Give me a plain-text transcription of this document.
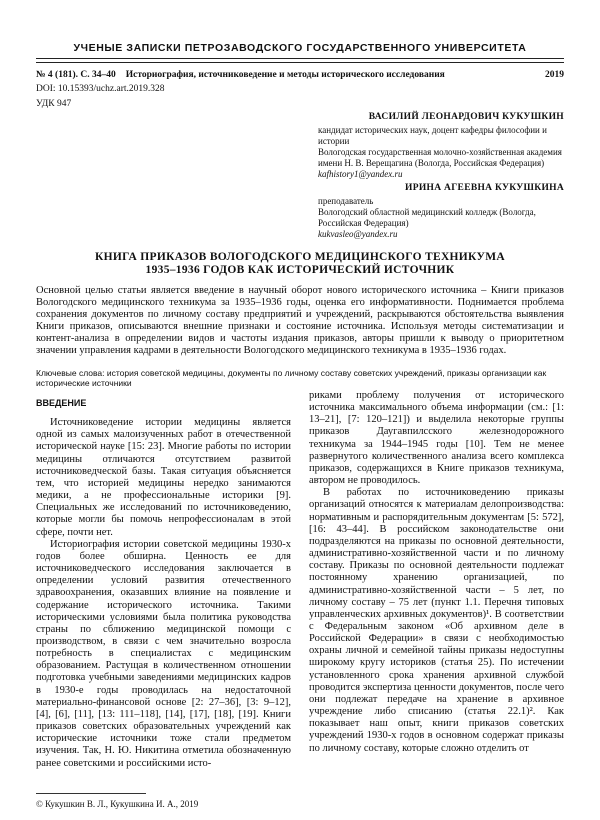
УЧЕНЫЕ ЗАПИСКИ ПЕТРОЗАВОДСКОГО ГОСУДАРСТВЕННОГО УНИВЕРСИТЕТА
№ 4 (181). С. 34–40	Историография, источниковедение и методы исторического исследования	2019
DOI: 10.15393/uchz.art.2019.328
УДК 947
ВАСИЛИЙ ЛЕОНАРДОВИЧ КУКУШКИН
кандидат исторических наук, доцент кафедры философии и истории
Вологодская государственная молочно-хозяйственная академия имени Н. В. Верещагина (Вологда, Российская Федерация)
kafhistory1@yandex.ru
ИРИНА АГЕЕВНА КУКУШКИНА
преподаватель
Вологодский областной медицинский колледж (Вологда, Российская Федерация)
kukvasleo@yandex.ru
КНИГА ПРИКАЗОВ ВОЛОГОДСКОГО МЕДИЦИНСКОГО ТЕХНИКУМА
1935–1936 ГОДОВ КАК ИСТОРИЧЕСКИЙ ИСТОЧНИК
Основной целью статьи является введение в научный оборот нового исторического источника – Книги приказов Вологодского медицинского техникума за 1935–1936 годы, оценка его информативности. Поднимается проблема сохранения документов по личному составу предприятий и учреждений, раскрываются обстоятельства выявления Книги приказов, описываются внешние признаки и состояние источника. Используя методы систематизации и контент-анализа в определении видов и частоты издания приказов, авторы пришли к выводу о приоритетном значении управления кадрами в деятельности Вологодского медицинского техникума в 1935–1936 годах.
Ключевые слова: история советской медицины, документы по личному составу советских учреждений, приказы организации как исторические источники
ВВЕДЕНИЕ

Источниковедение истории медицины является одной из самых малоизученных работ в отечественной исторической науке [15: 23]. Многие работы по истории медицины отличаются отсутствием развитой источниковедческой базы. Такая ситуация объясняется тем, что историей медицины нередко занимаются медики, а не профессиональные историки [9]. Специальных же исследований по источниковедению, которые могли бы помочь непрофессионалам в этой сфере, почти нет.

Историография истории советской медицины 1930-х годов более обширна. Ценность ее для источниковедческого исследования заключается в определении условий развития отечественного здравоохранения, оказавших влияние на появление и содержание исторического источника. Такими историческими условиями была политика руководства страны по сближению медицинской помощи с производством, в связи с чем значительно возросла потребность в специалистах с медицинским образованием. Растущая в количественном отношении подготовка учебными заведениями медицинских кадров в 1930-е годы проводилась на недостаточной материально-финансовой основе [2: 27–36], [3: 9–12], [4], [6], [11], [13: 111–118], [14], [17], [18], [19]. Книги приказов советских образовательных учреждений как исторические источники тоже стали предметом изучения. Так, Н. Ю. Никитина отметила обозначенную ранее советскими и российскими исто-

риками проблему получения от исторического источника максимального объема информации (см.: [1: 13–21], [7: 120–121]) и выделила некоторые группы приказов Даугавпилсского железнодорожного техникума за 1944–1945 годы [10]. Тем не менее развернутого количественного анализа всего комплекса приказов, содержащихся в Книге приказов техникума, автором не проводилось.

В работах по источниковедению приказы организаций относятся к материалам делопроизводства: нормативным и распорядительным документам [5: 572], [16: 43–44]. В российском законодательстве они подразделяются на приказы по основной деятельности, административно-хозяйственной части и по личному составу. Приказы по основной деятельности подлежат постоянному хранению организацией, по административно-хозяйственной части – 5 лет, по личному составу – 75 лет (пункт 1.1. Перечня типовых управленческих архивных документов)¹. В соответствии с Федеральным законом «Об архивном деле в Российской Федерации» в связи с необходимостью охраны личной и семейной тайны приказы недоступны широкому кругу историков (статья 25). По истечении установленного срока хранения архивной службой проводится экспертиза ценности документов, после чего они подлежат передаче на хранение в архивное учреждение либо списанию (статья 22.1)². Как показывает наш опыт, книги приказов советских учреждений 1930-х годов в основном содержат приказы по личному составу, которые сложно отделить от

© Кукушкин В. Л., Кукушкина И. А., 2019
